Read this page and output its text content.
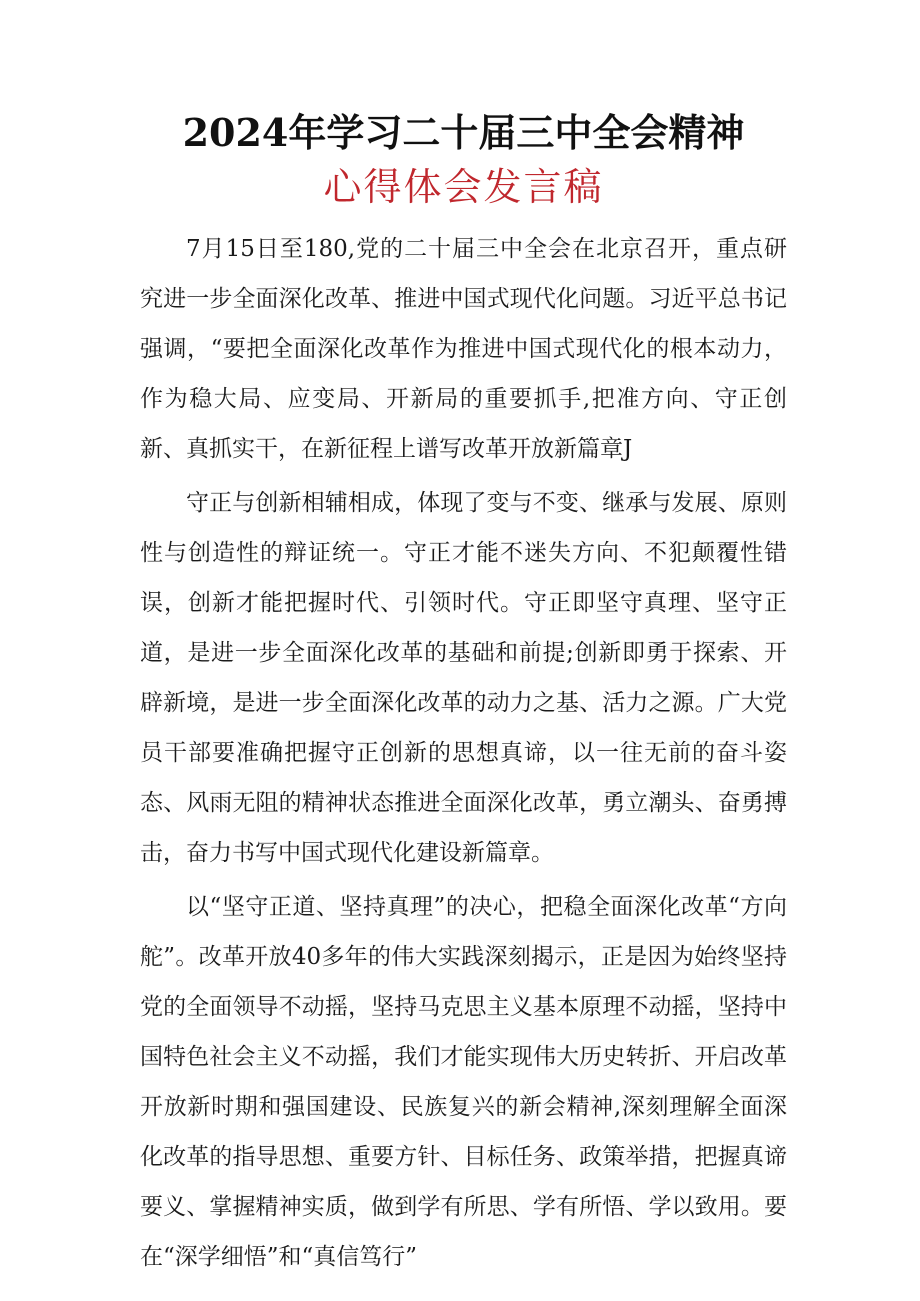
2024年学习二十届三中全会精神
心得体会发言稿

7月15日至180,党的二十届三中全会在北京召开，重点研究进一步全面深化改革、推进中国式现代化问题。习近平总书记强调，“要把全面深化改革作为推进中国式现代化的根本动力，作为稳大局、应变局、开新局的重要抓手,把准方向、守正创新、真抓实干，在新征程上谱写改革开放新篇章J

守正与创新相辅相成，体现了变与不变、继承与发展、原则性与创造性的辩证统一。守正才能不迷失方向、不犯颠覆性错误，创新才能把握时代、引领时代。守正即坚守真理、坚守正道，是进一步全面深化改革的基础和前提;创新即勇于探索、开辟新境，是进一步全面深化改革的动力之基、活力之源。广大党员干部要准确把握守正创新的思想真谛，以一往无前的奋斗姿态、风雨无阻的精神状态推进全面深化改革，勇立潮头、奋勇搏击，奋力书写中国式现代化建设新篇章。

以“坚守正道、坚持真理”的决心，把稳全面深化改革“方向舵”。改革开放40多年的伟大实践深刻揭示，正是因为始终坚持党的全面领导不动摇，坚持马克思主义基本原理不动摇，坚持中国特色社会主义不动摇，我们才能实现伟大历史转折、开启改革开放新时期和强国建设、民族复兴的新会精神,深刻理解全面深化改革的指导思想、重要方针、目标任务、政策举措，把握真谛要义、掌握精神实质，做到学有所思、学有所悟、学以致用。要在“深学细悟”和“真信笃行”
